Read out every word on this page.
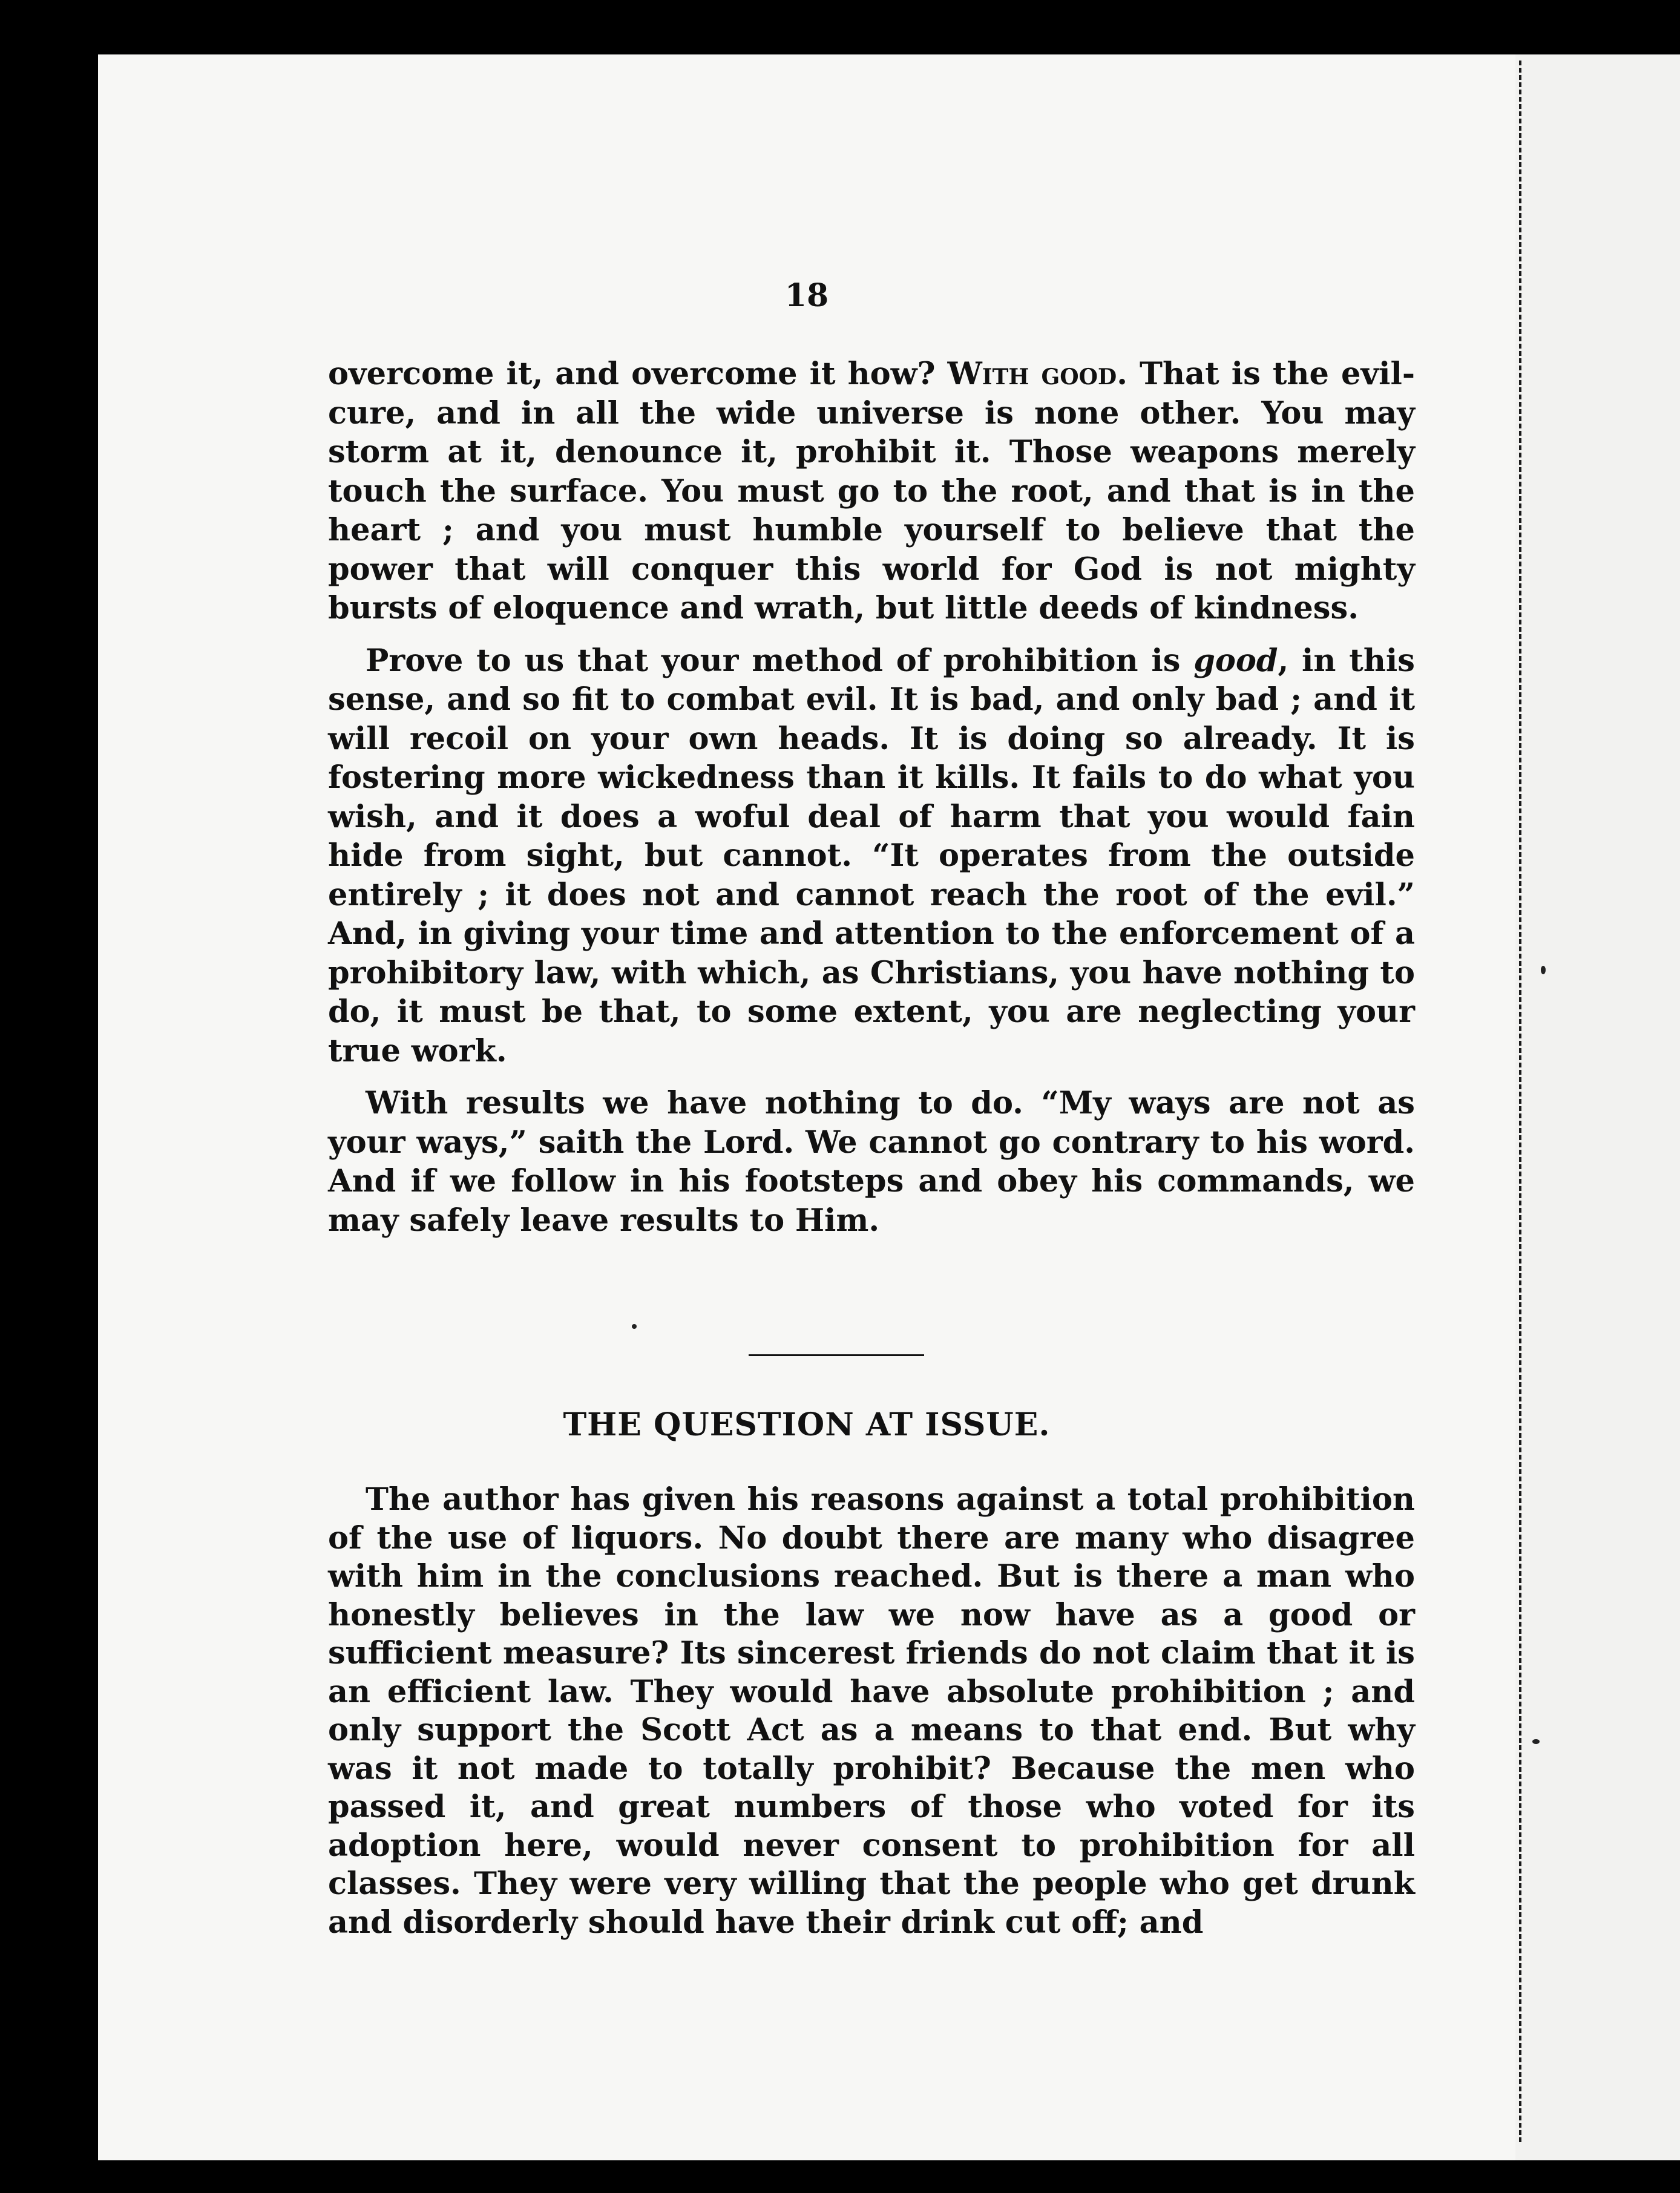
18

overcome it, and overcome it how? With good. That is the evil-cure, and in all the wide universe is none other. You may storm at it, denounce it, prohibit it. Those weapons merely touch the surface. You must go to the root, and that is in the heart ; and you must humble yourself to believe that the power that will conquer this world for God is not mighty bursts of eloquence and wrath, but little deeds of kindness.

Prove to us that your method of prohibition is good, in this sense, and so fit to combat evil. It is bad, and only bad ; and it will recoil on your own heads. It is doing so already. It is fostering more wickedness than it kills. It fails to do what you wish, and it does a woful deal of harm that you would fain hide from sight, but cannot. “It operates from the outside entirely ; it does not and cannot reach the root of the evil.” And, in giving your time and attention to the enforcement of a prohibitory law, with which, as Christians, you have nothing to do, it must be that, to some extent, you are neglecting your true work.

With results we have nothing to do. “My ways are not as your ways,” saith the Lord. We cannot go contrary to his word. And if we follow in his footsteps and obey his commands, we may safely leave results to Him.

THE QUESTION AT ISSUE.

The author has given his reasons against a total prohibition of the use of liquors. No doubt there are many who disagree with him in the conclusions reached. But is there a man who honestly believes in the law we now have as a good or sufficient measure? Its sincerest friends do not claim that it is an efficient law. They would have absolute prohibition ; and only support the Scott Act as a means to that end. But why was it not made to totally prohibit? Because the men who passed it, and great numbers of those who voted for its adoption here, would never consent to prohibition for all classes. They were very willing that the people who get drunk and disorderly should have their drink cut off; and
